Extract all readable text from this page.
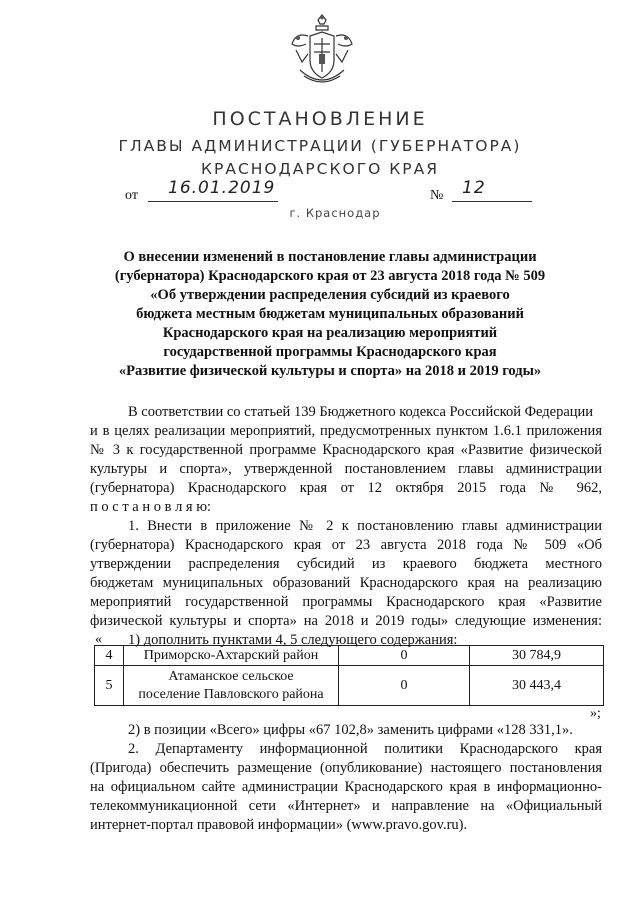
ПОСТАНОВЛЕНИЕ
ГЛАВЫ АДМИНИСТРАЦИИ (ГУБЕРНАТОРА)
КРАСНОДАРСКОГО КРАЯ
от 16.01.2019	№ 12
г. Краснодар
О внесении изменений в постановление главы администрации
(губернатора) Краснодарского края от 23 августа 2018 года № 509
«Об утверждении распределения субсидий из краевого
бюджета местным бюджетам муниципальных образований
Краснодарского края на реализацию мероприятий
государственной программы Краснодарского края
«Развитие физической культуры и спорта» на 2018 и 2019 годы»
В соответствии со статьей 139 Бюджетного кодекса Российской Федерации
и в целях реализации мероприятий, предусмотренных пунктом 1.6.1 приложения
№ 3 к государственной программе Краснодарского края «Развитие физической
культуры и спорта», утвержденной постановлением главы администрации
(губернатора) Краснодарского края от 12 октября 2015 года № 962,
п о с т а н о в л я ю:
1. Внести в приложение № 2 к постановлению главы администрации
(губернатора) Краснодарского края от 23 августа 2018 года № 509 «Об
утверждении распределения субсидий из краевого бюджета местного
бюджетам муниципальных образований Краснодарского края на реализацию
мероприятий государственной программы Краснодарского края «Развитие
физической культуры и спорта» на 2018 и 2019 годы» следующие изменения:
1) дополнить пунктами 4, 5 следующего содержания:
«
4	Приморско-Ахтарский район	0	30 784,9
5	Атаманское сельское
поселение Павловского района	0	30 443,4
»;
2) в позиции «Всего» цифры «67 102,8» заменить цифрами «128 331,1».
2. Департаменту информационной политики Краснодарского края
(Пригода) обеспечить размещение (опубликование) настоящего постановления
на официальном сайте администрации Краснодарского края в информационно-
телекоммуникационной сети «Интернет» и направление на «Официальный
интернет-портал правовой информации» (www.pravo.gov.ru).
